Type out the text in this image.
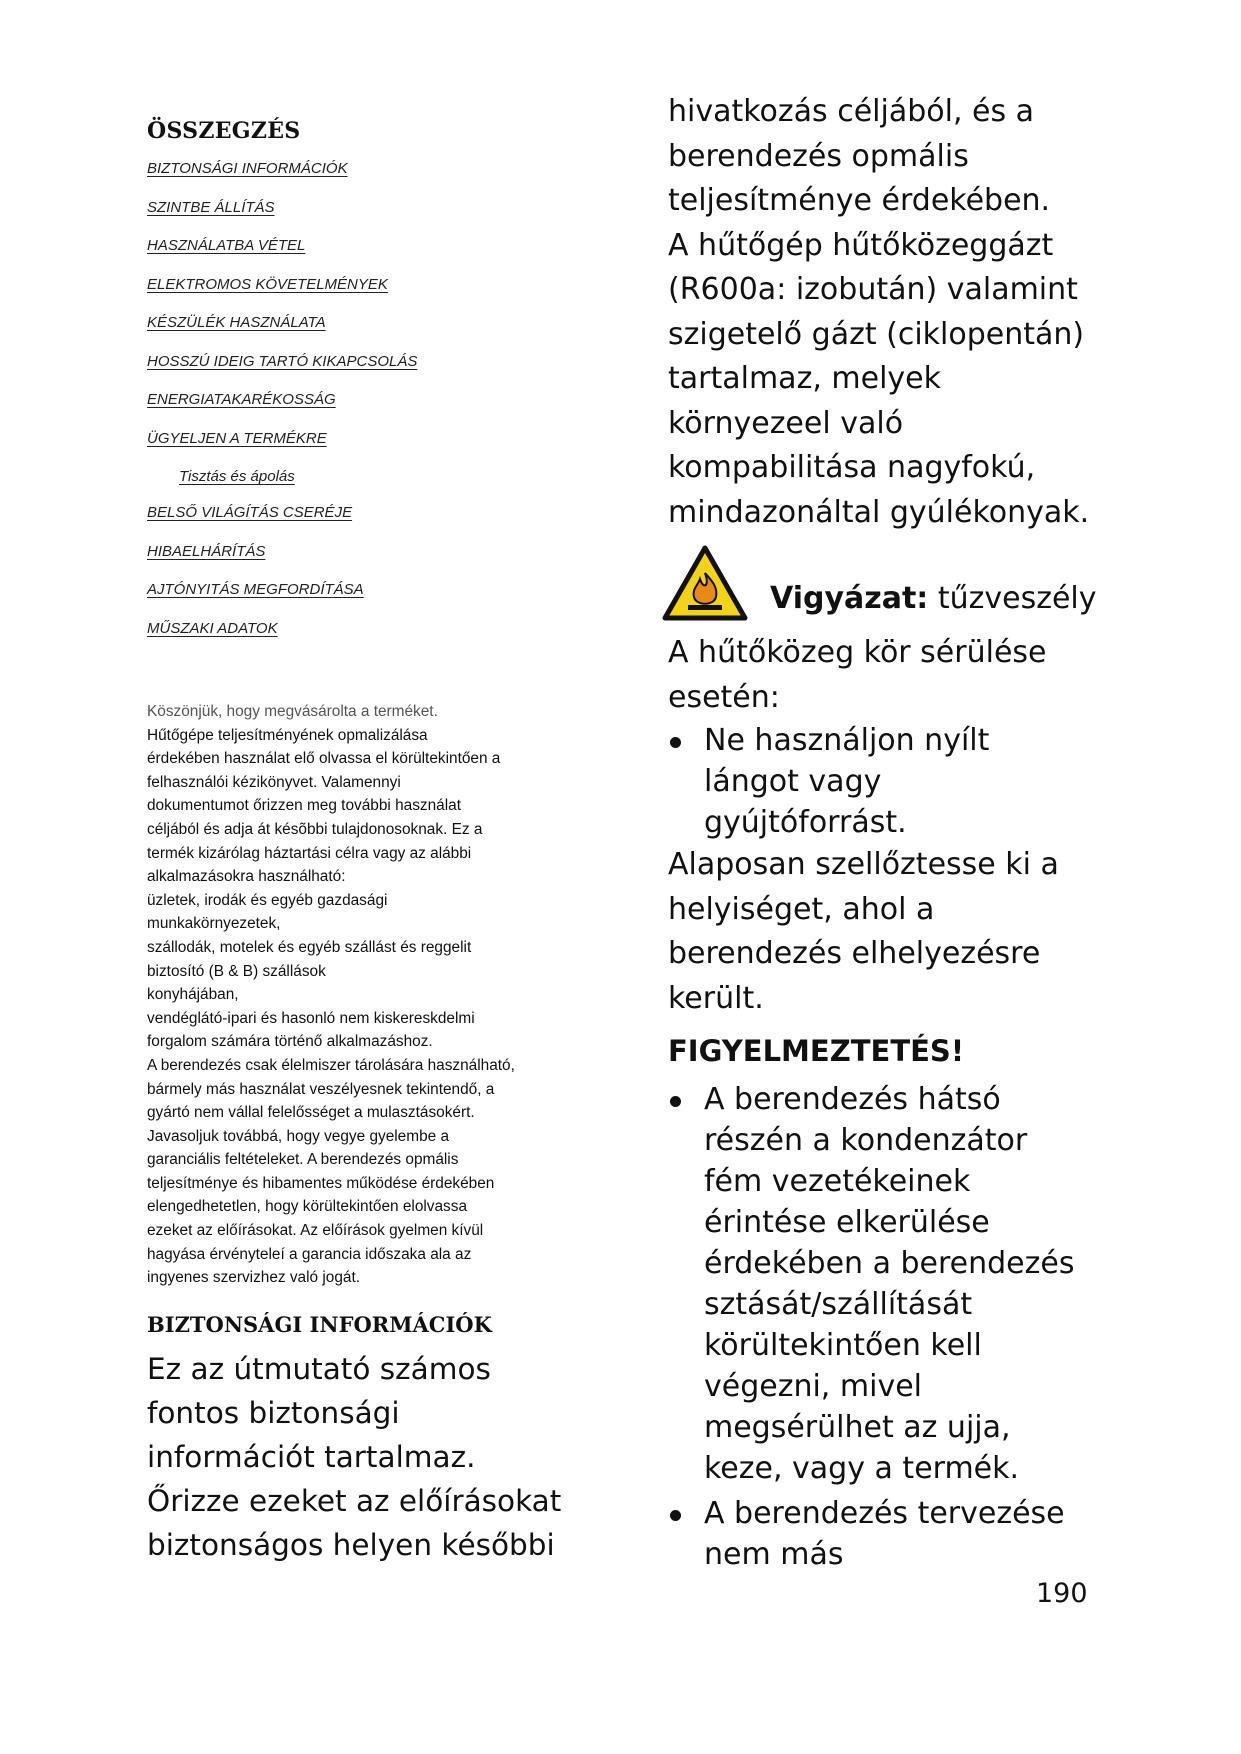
ÖSSZEGZÉS
BIZTONSÁGI INFORMÁCIÓK
SZINTBE ÁLLÍTÁS
HASZNÁLATBA VÉTEL
ELEKTROMOS KÖVETELMÉNYEK
KÉSZÜLÉK HASZNÁLATA
HOSSZÚ IDEIG TARTÓ KIKAPCSOLÁS
ENERGIATAKARÉKOSSÁG
ÜGYELJEN A TERMÉKRE
Tisztás és ápolás
BELSŐ VILÁGÍTÁS CSERÉJE
HIBAELHÁRÍTÁS
AJTÓNYITÁS MEGFORDÍTÁSA
MŰSZAKI ADATOK

Köszönjük, hogy megvásárolta a terméket.

Hűtőgépe teljesítményének opmalizálása

érdekében használat elő olvassa el körültekintően a

felhasználói kézikönyvet. Valamennyi

dokumentumot őrizzen meg további használat

céljából és adja át késõbbi tulajdonosoknak. Ez a

termék kizárólag háztartási célra vagy az alábbi

alkalmazásokra használható:

üzletek, irodák és egyéb gazdasági

munkakörnyezetek,

szállodák, motelek és egyéb szállást és reggelit

biztosító (B & B) szállások

konyhájában,

vendéglátó-ipari és hasonló nem kiskereskdelmi

forgalom számára történő alkalmazáshoz.

A berendezés csak élelmiszer tárolására használható,

bármely más használat veszélyesnek tekintendő, a

gyártó nem vállal felelősséget a mulasztásokért.

Javasoljuk továbbá, hogy vegye gyelembe a

garanciális feltételeket. A berendezés opmális

teljesítménye és hibamentes működése érdekében

elengedhetetlen, hogy körültekintően elolvassa

ezeket az előírásokat. Az előírások gyelmen kívül

hagyása érvényteleí a garancia időszaka ala az

ingyenes szervizhez való jogát.

BIZTONSÁGI INFORMÁCIÓK

Ez az útmutató számos

fontos biztonsági

információt tartalmaz.

Őrizze ezeket az előírásokat

biztonságos helyen későbbi

hivatkozás céljából, és a

berendezés opmális

teljesítménye érdekében.

A hűtőgép hűtőközeggázt

(R600a: izobután) valamint

szigetelő gázt (ciklopentán)

tartalmaz, melyek

környezeel való

kompabilitása nagyfokú,

mindazonáltal gyúlékonyak.

Vigyázat: tűzveszély

A hűtőközeg kör sérülése

esetén:

Ne használjon nyílt
lángot vagy
gyújtóforrást.

Alaposan szellőztesse ki a

helyiséget, ahol a

berendezés elhelyezésre

került.

FIGYELMEZTETÉS!
A berendezés hátsó
részén a kondenzátor
fém vezetékeinek
érintése elkerülése
érdekében a berendezés
sztását/szállítását
körültekintően kell
végezni, mivel
megsérülhet az ujja,
keze, vagy a termék.
A berendezés tervezése
nem más
190
